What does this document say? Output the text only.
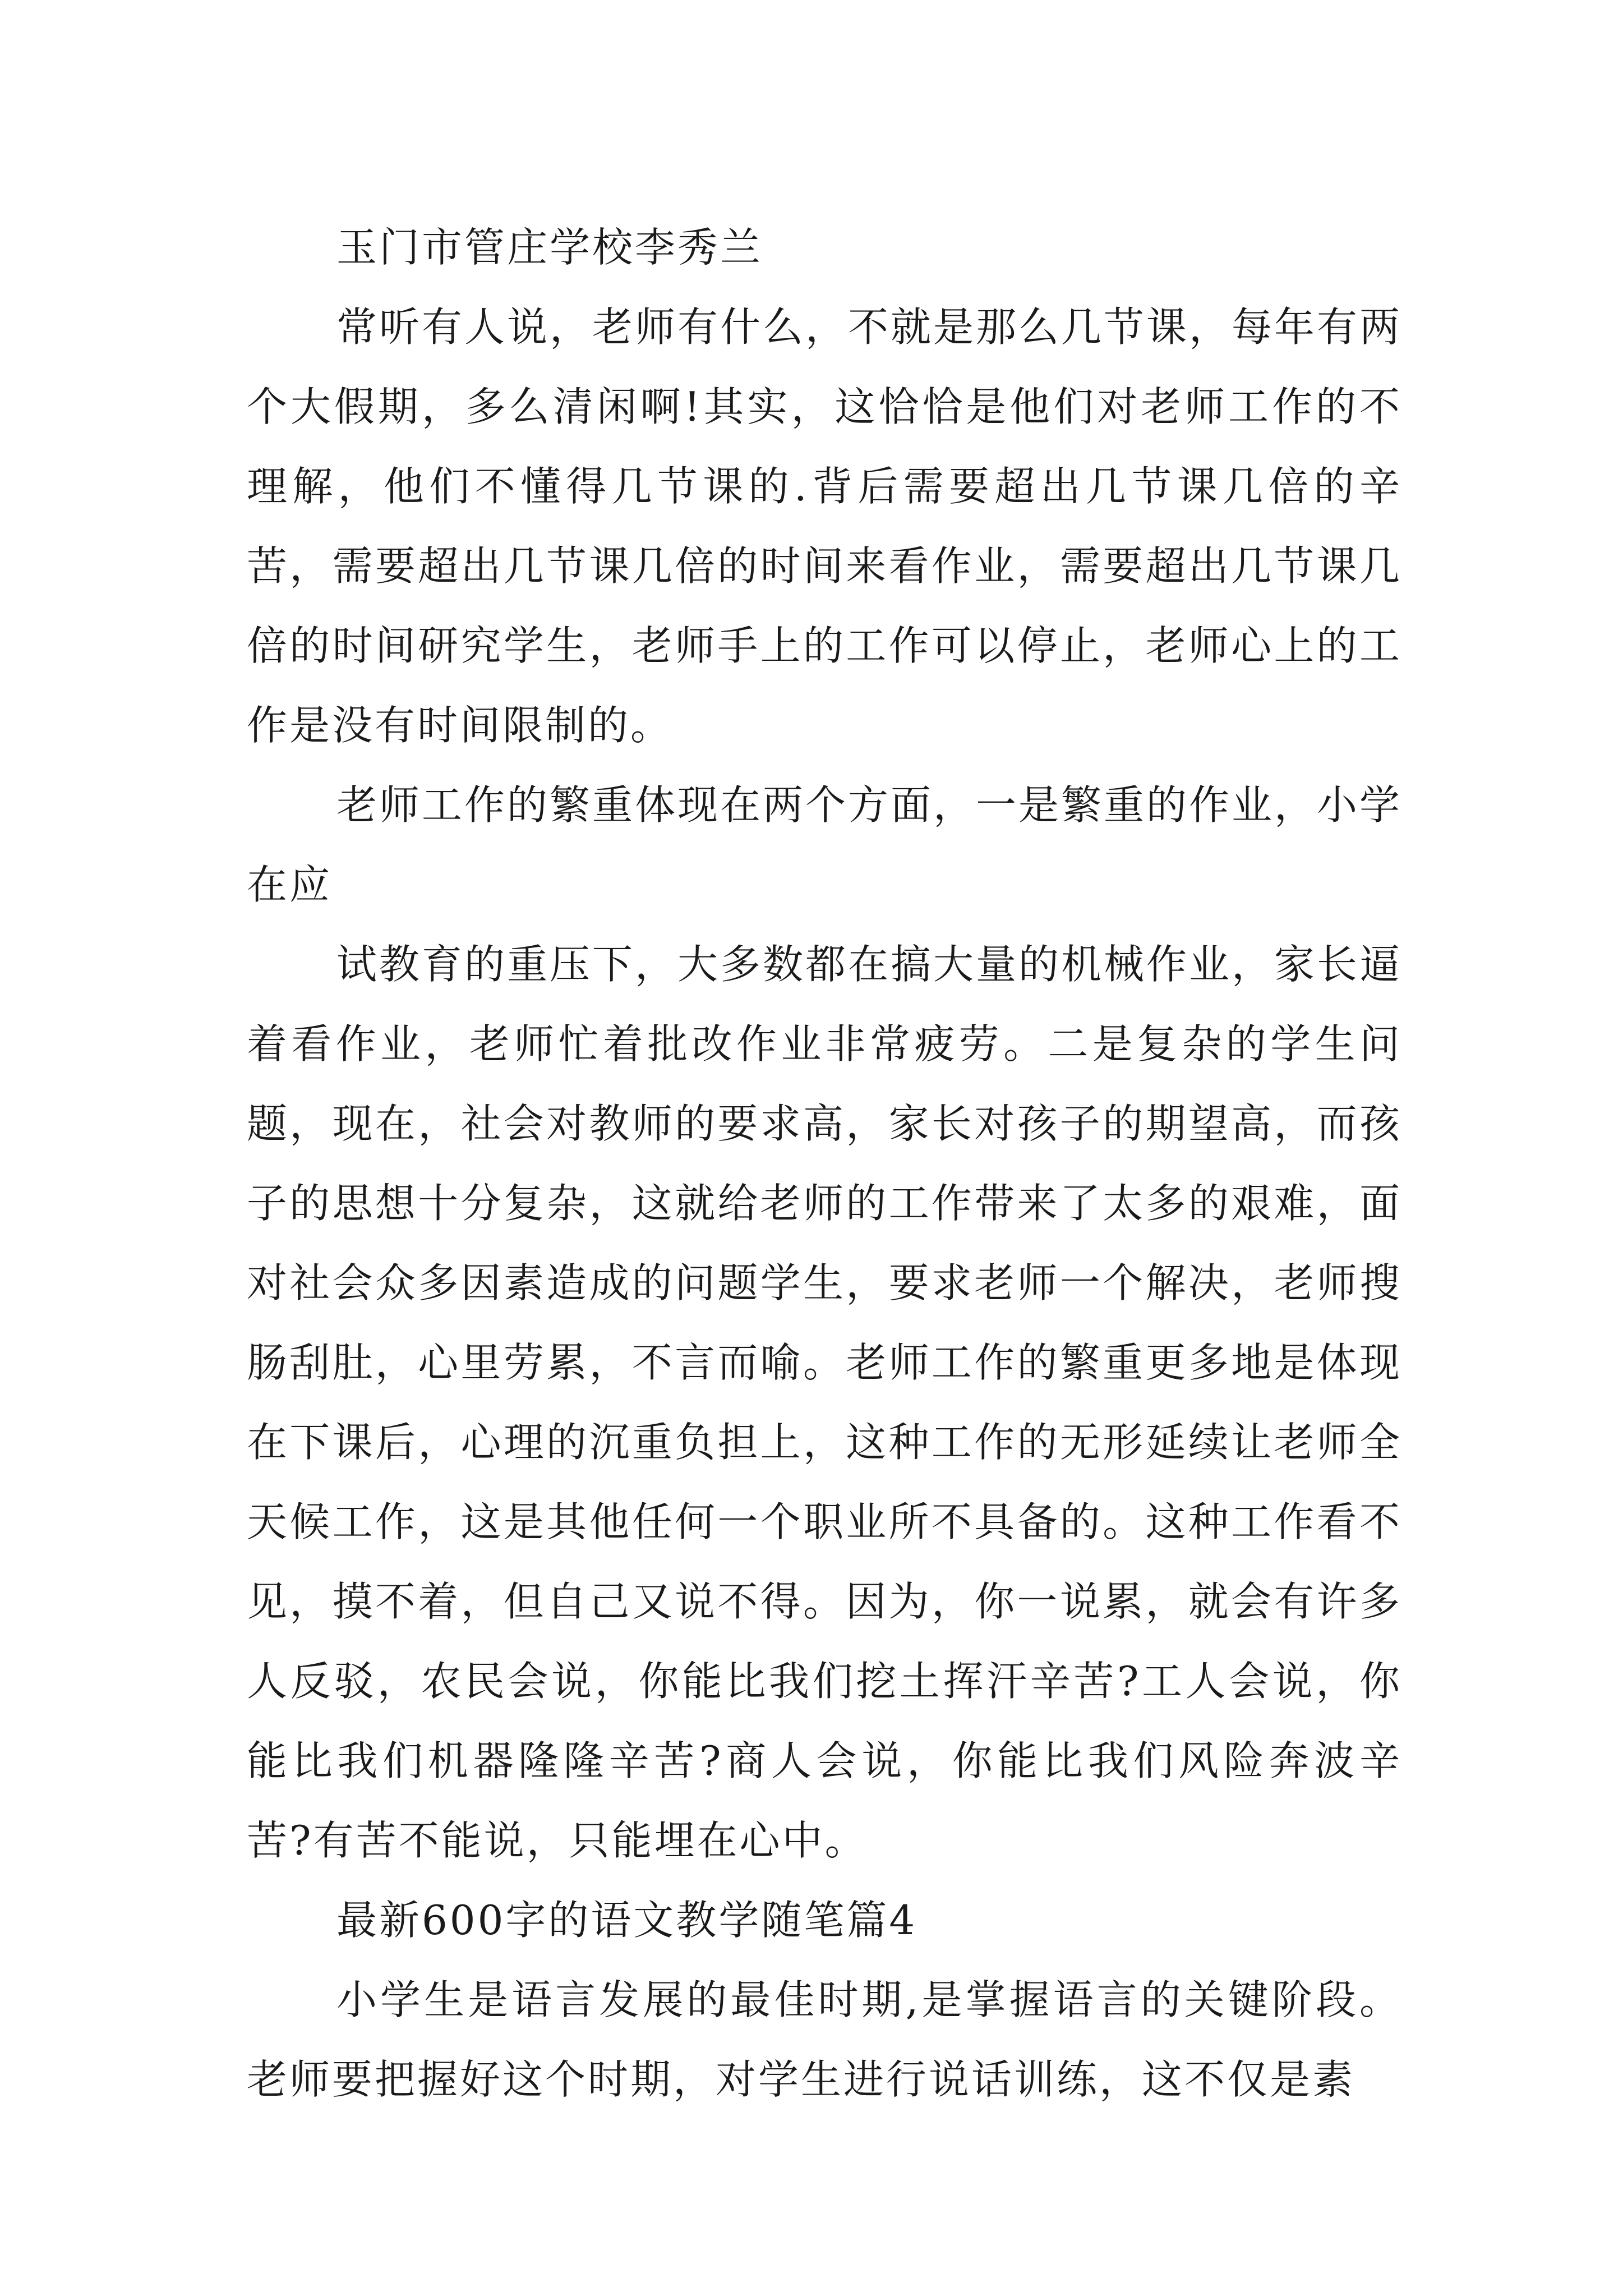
玉门市管庄学校李秀兰

常听有人说，老师有什么，不就是那么几节课，每年有两个大假期，多么清闲啊!其实，这恰恰是他们对老师工作的不理解，他们不懂得几节课的.背后需要超出几节课几倍的辛苦，需要超出几节课几倍的时间来看作业，需要超出几节课几倍的时间研究学生，老师手上的工作可以停止，老师心上的工作是没有时间限制的。

老师工作的繁重体现在两个方面，一是繁重的作业，小学在应

试教育的重压下，大多数都在搞大量的机械作业，家长逼着看作业，老师忙着批改作业非常疲劳。二是复杂的学生问题，现在，社会对教师的要求高，家长对孩子的期望高，而孩子的思想十分复杂，这就给老师的工作带来了太多的艰难，面对社会众多因素造成的问题学生，要求老师一个解决，老师搜肠刮肚，心里劳累，不言而喻。老师工作的繁重更多地是体现在下课后，心理的沉重负担上，这种工作的无形延续让老师全天候工作，这是其他任何一个职业所不具备的。这种工作看不见，摸不着，但自己又说不得。因为，你一说累，就会有许多人反驳，农民会说，你能比我们挖土挥汗辛苦?工人会说，你能比我们机器隆隆辛苦?商人会说，你能比我们风险奔波辛苦?有苦不能说，只能埋在心中。

最新600字的语文教学随笔篇4

小学生是语言发展的最佳时期,是掌握语言的关键阶段。老师要把握好这个时期，对学生进行说话训练，这不仅是素
